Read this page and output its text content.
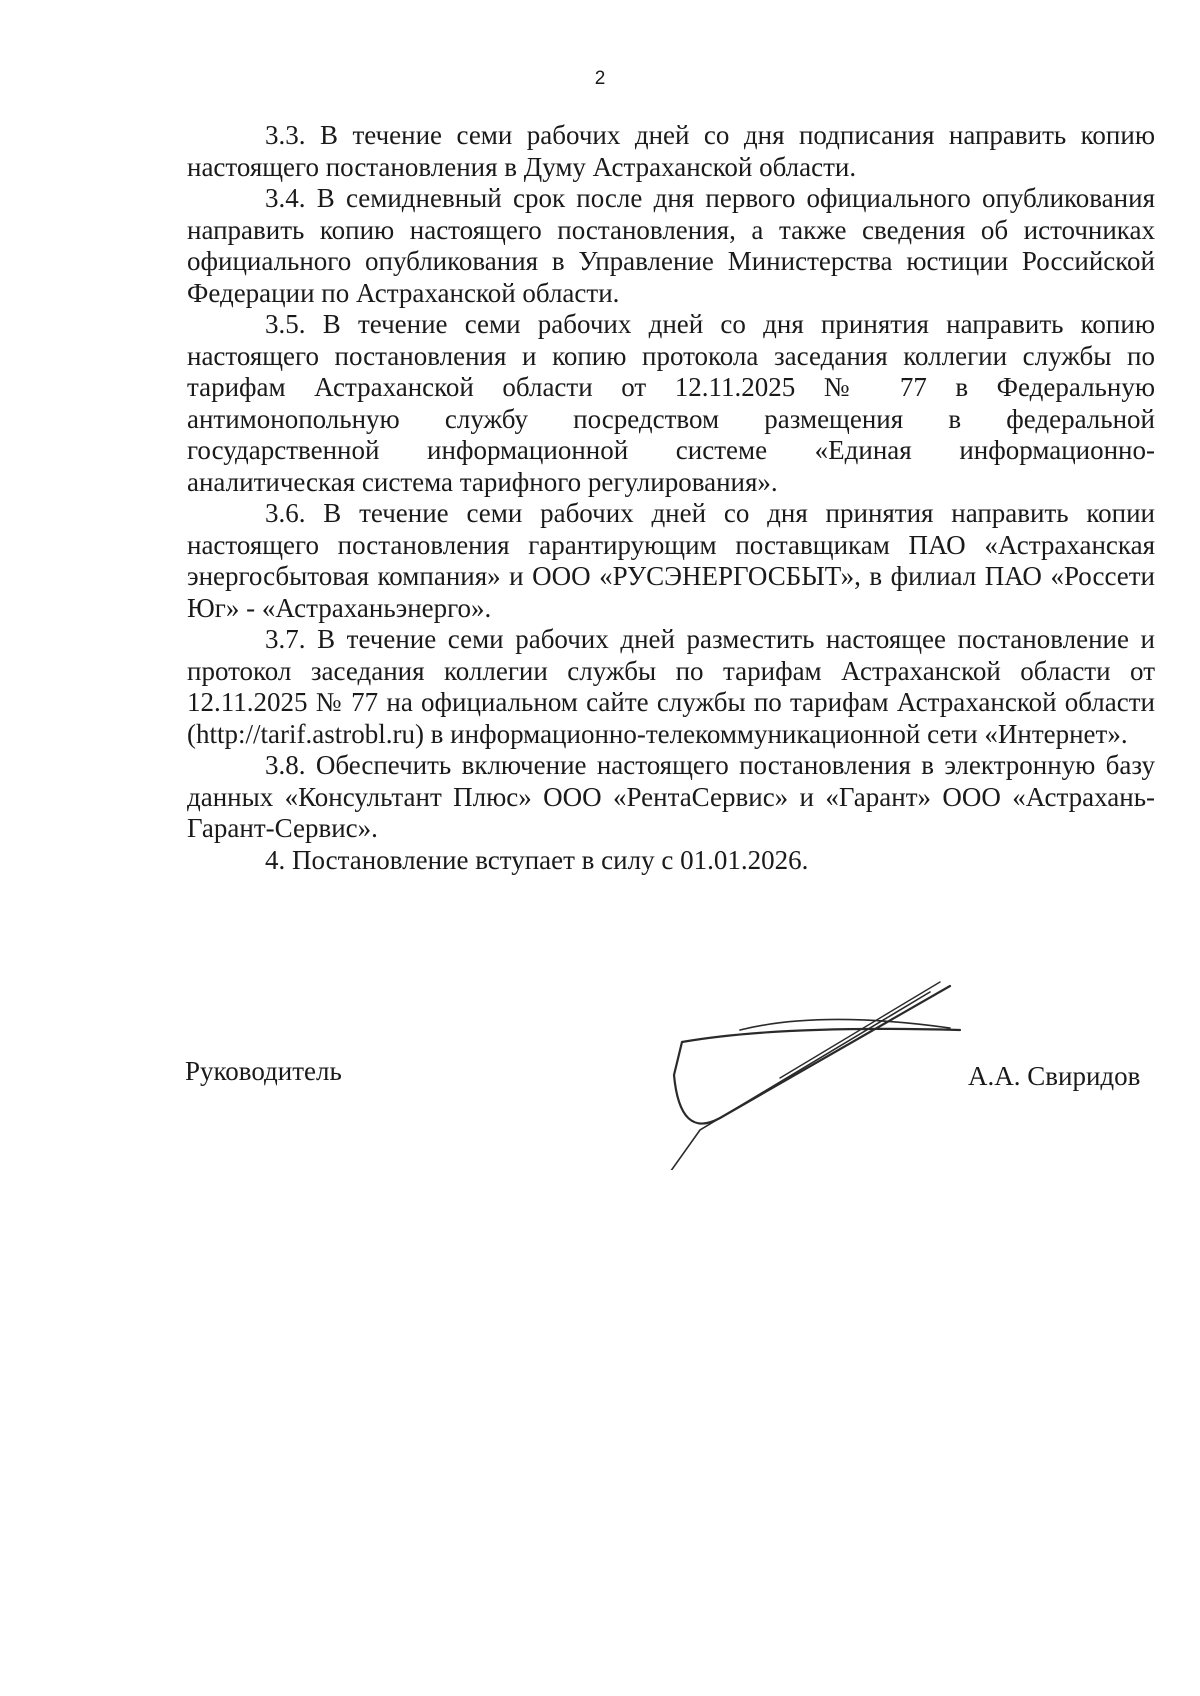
2

3.3. В течение семи рабочих дней со дня подписания направить копию настоящего постановления в Думу Астраханской области.

3.4. В семидневный срок после дня первого официального опубликования направить копию настоящего постановления, а также сведения об источниках официального опубликования в Управление Министерства юстиции Российской Федерации по Астраханской области.

3.5. В течение семи рабочих дней со дня принятия направить копию настоящего постановления и копию протокола заседания коллегии службы по тарифам Астраханской области от 12.11.2025 № 77 в Федеральную антимонопольную службу посредством размещения в федеральной государственной информационной системе «Единая информационно-аналитическая система тарифного регулирования».

3.6. В течение семи рабочих дней со дня принятия направить копии настоящего постановления гарантирующим поставщикам ПАО «Астраханская энергосбытовая компания» и ООО «РУСЭНЕРГОСБЫТ», в филиал ПАО «Россети Юг» - «Астраханьэнерго».

3.7. В течение семи рабочих дней разместить настоящее постановление и протокол заседания коллегии службы по тарифам Астраханской области от 12.11.2025 № 77 на официальном сайте службы по тарифам Астраханской области (http://tarif.astrobl.ru) в информационно-телекоммуникационной сети «Интернет».

3.8. Обеспечить включение настоящего постановления в электронную базу данных «Консультант Плюс» ООО «РентаСервис» и «Гарант» ООО «Астрахань-Гарант-Сервис».

4. Постановление вступает в силу с 01.01.2026.

Руководитель	А.А. Свиридов
